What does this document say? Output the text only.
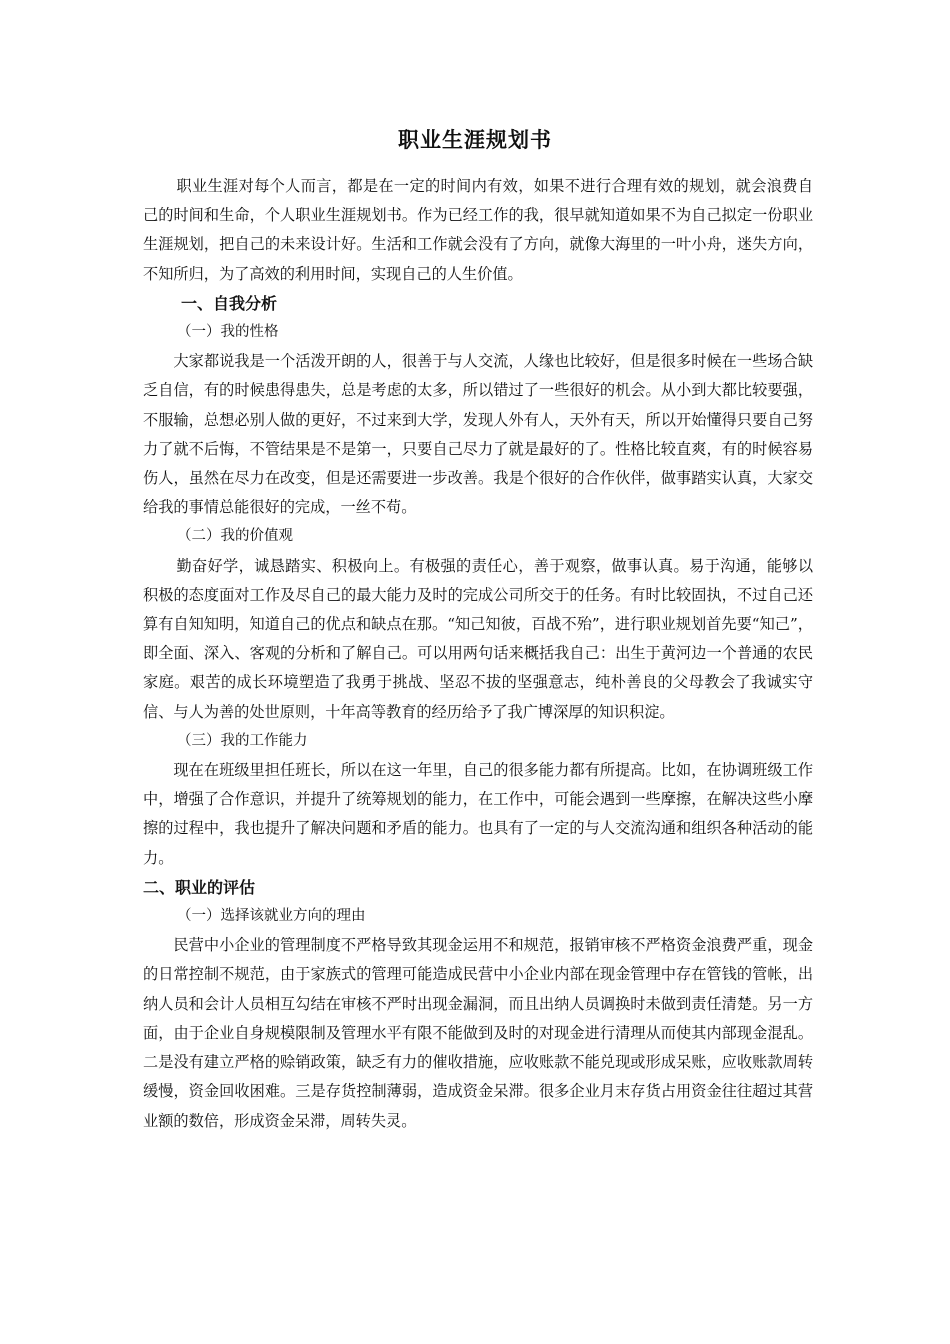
职业生涯规划书

职业生涯对每个人而言，都是在一定的时间内有效，如果不进行合理有效的规划，就会浪费自己的时间和生命，个人职业生涯规划书。作为已经工作的我，很早就知道如果不为自己拟定一份职业生涯规划，把自己的未来设计好。生活和工作就会没有了方向，就像大海里的一叶小舟，迷失方向，不知所归，为了高效的利用时间，实现自己的人生价值。

一、自我分析

（一）我的性格

大家都说我是一个活泼开朗的人，很善于与人交流，人缘也比较好，但是很多时候在一些场合缺乏自信，有的时候患得患失，总是考虑的太多，所以错过了一些很好的机会。从小到大都比较要强，不服输，总想必别人做的更好，不过来到大学，发现人外有人，天外有天，所以开始懂得只要自己努力了就不后悔，不管结果是不是第一，只要自己尽力了就是最好的了。性格比较直爽，有的时候容易伤人，虽然在尽力在改变，但是还需要进一步改善。我是个很好的合作伙伴，做事踏实认真，大家交给我的事情总能很好的完成，一丝不苟。

（二）我的价值观

勤奋好学，诚恳踏实、积极向上。有极强的责任心，善于观察，做事认真。易于沟通，能够以积极的态度面对工作及尽自己的最大能力及时的完成公司所交于的任务。有时比较固执，不过自己还算有自知知明，知道自己的优点和缺点在那。“知己知彼，百战不殆”，进行职业规划首先要“知己”，即全面、深入、客观的分析和了解自己。可以用两句话来概括我自己：出生于黄河边一个普通的农民家庭。艰苦的成长环境塑造了我勇于挑战、坚忍不拔的坚强意志，纯朴善良的父母教会了我诚实守信、与人为善的处世原则，十年高等教育的经历给予了我广博深厚的知识积淀。

（三）我的工作能力

现在在班级里担任班长，所以在这一年里，自己的很多能力都有所提高。比如，在协调班级工作中，增强了合作意识，并提升了统筹规划的能力，在工作中，可能会遇到一些摩擦，在解决这些小摩擦的过程中，我也提升了解决问题和矛盾的能力。也具有了一定的与人交流沟通和组织各种活动的能力。

二、职业的评估

（一）选择该就业方向的理由

民营中小企业的管理制度不严格导致其现金运用不和规范，报销审核不严格资金浪费严重，现金的日常控制不规范，由于家族式的管理可能造成民营中小企业内部在现金管理中存在管钱的管帐，出纳人员和会计人员相互勾结在审核不严时出现金漏洞，而且出纳人员调换时未做到责任清楚。另一方面，由于企业自身规模限制及管理水平有限不能做到及时的对现金进行清理从而使其内部现金混乱。二是没有建立严格的赊销政策，缺乏有力的催收措施，应收账款不能兑现或形成呆账，应收账款周转缓慢，资金回收困难。三是存货控制薄弱，造成资金呆滞。很多企业月末存货占用资金往往超过其营业额的数倍，形成资金呆滞，周转失灵。
